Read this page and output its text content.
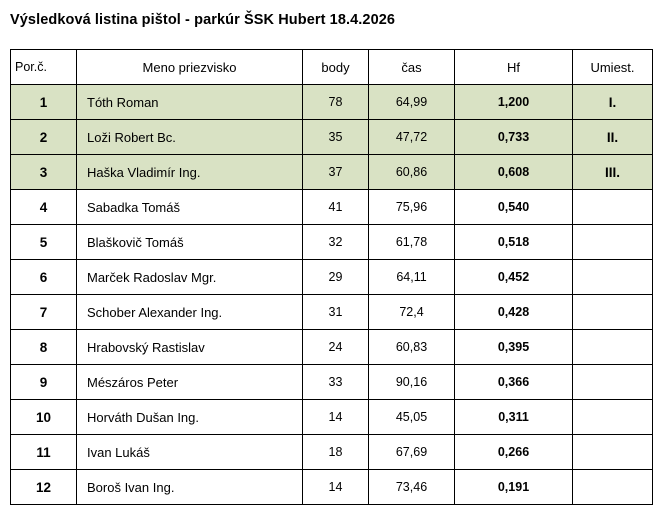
Výsledková listina pištol - parkúr ŠSK Hubert 18.4.2026
Por.č.	Meno priezvisko	body	čas	Hf	Umiest.
1	Tóth Roman	78	64,99	1,200	I.
2	Loži Robert Bc.	35	47,72	0,733	II.
3	Haška Vladimír Ing.	37	60,86	0,608	III.
4	Sabadka Tomáš	41	75,96	0,540	
5	Blaškovič Tomáš	32	61,78	0,518	
6	Marček Radoslav Mgr.	29	64,11	0,452	
7	Schober Alexander Ing.	31	72,4	0,428	
8	Hrabovský Rastislav	24	60,83	0,395	
9	Mészáros Peter	33	90,16	0,366	
10	Horváth Dušan Ing.	14	45,05	0,311	
11	Ivan Lukáš	18	67,69	0,266	
12	Boroš Ivan Ing.	14	73,46	0,191	
